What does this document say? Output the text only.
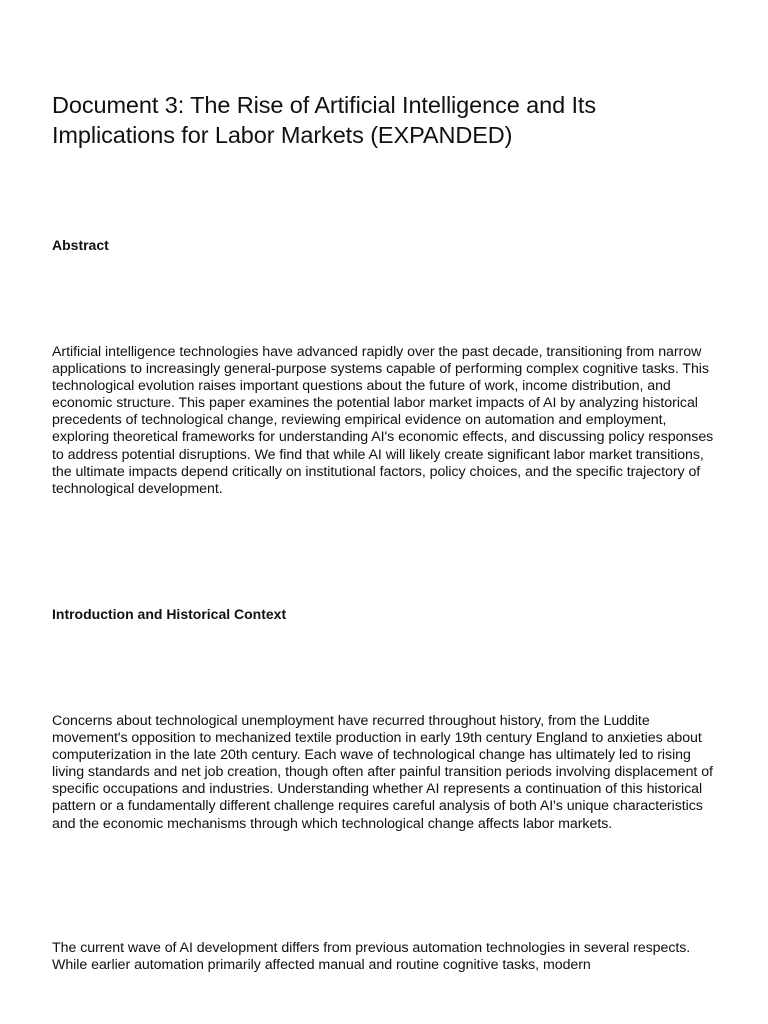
Document 3: The Rise of Artificial Intelligence and Its Implications for Labor Markets (EXPANDED)
Abstract

Artificial intelligence technologies have advanced rapidly over the past decade, transitioning from narrow applications to increasingly general-purpose systems capable of performing complex cognitive tasks. This technological evolution raises important questions about the future of work, income distribution, and economic structure. This paper examines the potential labor market impacts of AI by analyzing historical precedents of technological change, reviewing empirical evidence on automation and employment, exploring theoretical frameworks for understanding AI's economic effects, and discussing policy responses to address potential disruptions. We find that while AI will likely create significant labor market transitions, the ultimate impacts depend critically on institutional factors, policy choices, and the specific trajectory of technological development.

Introduction and Historical Context

Concerns about technological unemployment have recurred throughout history, from the Luddite movement's opposition to mechanized textile production in early 19th century England to anxieties about computerization in the late 20th century. Each wave of technological change has ultimately led to rising living standards and net job creation, though often after painful transition periods involving displacement of specific occupations and industries. Understanding whether AI represents a continuation of this historical pattern or a fundamentally different challenge requires careful analysis of both AI's unique characteristics and the economic mechanisms through which technological change affects labor markets.

The current wave of AI development differs from previous automation technologies in several respects. While earlier automation primarily affected manual and routine cognitive tasks, modern
